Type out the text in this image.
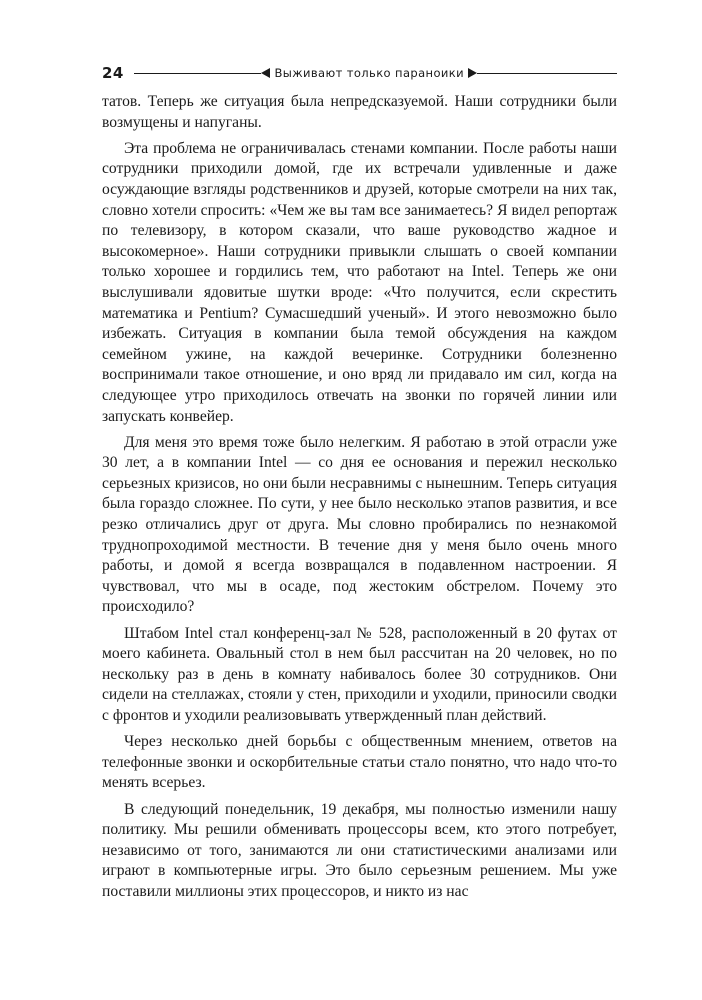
24	Выживают только параноики

татов. Теперь же ситуация была непредсказуемой. Наши сотрудники были возмущены и напуганы.

Эта проблема не ограничивалась стенами компании. После работы наши сотрудники приходили домой, где их встречали удивленные и даже осуждающие взгляды родственников и друзей, которые смотрели на них так, словно хотели спросить: «Чем же вы там все занимаетесь? Я видел репортаж по телевизору, в котором сказали, что ваше руководство жадное и высокомерное». Наши сотрудники привыкли слышать о своей компании только хорошее и гордились тем, что работают на Intel. Теперь же они выслушивали ядовитые шутки вроде: «Что получится, если скрестить математика и Pentium? Сумасшедший ученый». И этого невозможно было избежать. Ситуация в компании была темой обсуждения на каждом семейном ужине, на каждой вечеринке. Сотрудники болезненно воспринимали такое отношение, и оно вряд ли придавало им сил, когда на следующее утро приходилось отвечать на звонки по горячей линии или запускать конвейер.

Для меня это время тоже было нелегким. Я работаю в этой отрасли уже 30 лет, а в компании Intel — со дня ее основания и пережил несколько серьезных кризисов, но они были несравнимы с нынешним. Теперь ситуация была гораздо сложнее. По сути, у нее было несколько этапов развития, и все резко отличались друг от друга. Мы словно пробирались по незнакомой труднопроходимой местности. В течение дня у меня было очень много работы, и домой я всегда возвращался в подавленном настроении. Я чувствовал, что мы в осаде, под жестоким обстрелом. Почему это происходило?

Штабом Intel стал конференц-зал № 528, расположенный в 20 футах от моего кабинета. Овальный стол в нем был рассчитан на 20 человек, но по нескольку раз в день в комнату набивалось более 30 сотрудников. Они сидели на стеллажах, стояли у стен, приходили и уходили, приносили сводки с фронтов и уходили реализовывать утвержденный план действий.

Через несколько дней борьбы с общественным мнением, ответов на телефонные звонки и оскорбительные статьи стало понятно, что надо что-то менять всерьез.

В следующий понедельник, 19 декабря, мы полностью изменили нашу политику. Мы решили обменивать процессоры всем, кто этого потребует, независимо от того, занимаются ли они статистическими анализами или играют в компьютерные игры. Это было серьезным решением. Мы уже поставили миллионы этих процессоров, и никто из нас
